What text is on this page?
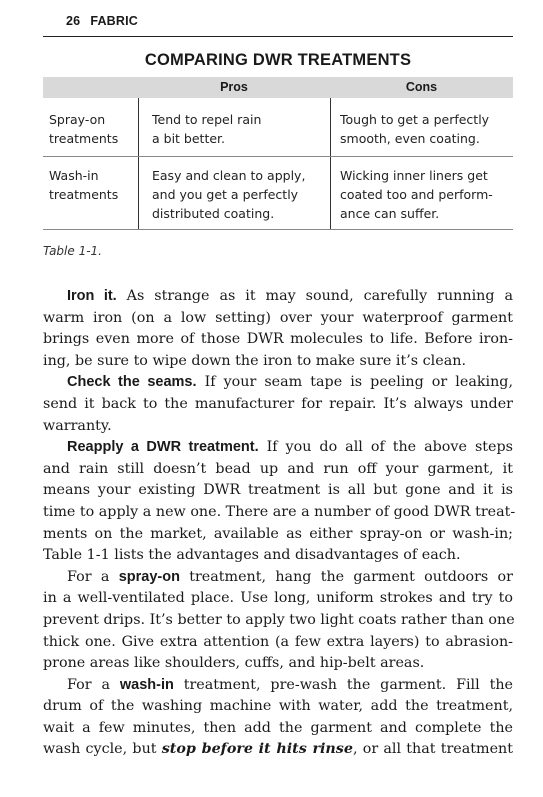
26 FABRIC
COMPARING DWR TREATMENTS
Pros	Cons
Spray-on
treatments
Tend to repel rain
a bit better.
Tough to get a perfectly
smooth, even coating.
Wash-in
treatments
Easy and clean to apply,
and you get a perfectly
distributed coating.
Wicking inner liners get
coated too and perform-
ance can suffer.
Table 1-1.
Iron it. As strange as it may sound, carefully running a
warm iron (on a low setting) over your waterproof garment
brings even more of those DWR molecules to life. Before iron-
ing, be sure to wipe down the iron to make sure it’s clean.
Check the seams. If your seam tape is peeling or leaking,
send it back to the manufacturer for repair. It’s always under
warranty.
Reapply a DWR treatment. If you do all of the above steps
and rain still doesn’t bead up and run off your garment, it
means your existing DWR treatment is all but gone and it is
time to apply a new one. There are a number of good DWR treat-
ments on the market, available as either spray-on or wash-in;
Table 1-1 lists the advantages and disadvantages of each.
For a spray-on treatment, hang the garment outdoors or
in a well-ventilated place. Use long, uniform strokes and try to
prevent drips. It’s better to apply two light coats rather than one
thick one. Give extra attention (a few extra layers) to abrasion-
prone areas like shoulders, cuffs, and hip-belt areas.
For a wash-in treatment, pre-wash the garment. Fill the
drum of the washing machine with water, add the treatment,
wait a few minutes, then add the garment and complete the
wash cycle, but stop before it hits rinse, or all that treatment
